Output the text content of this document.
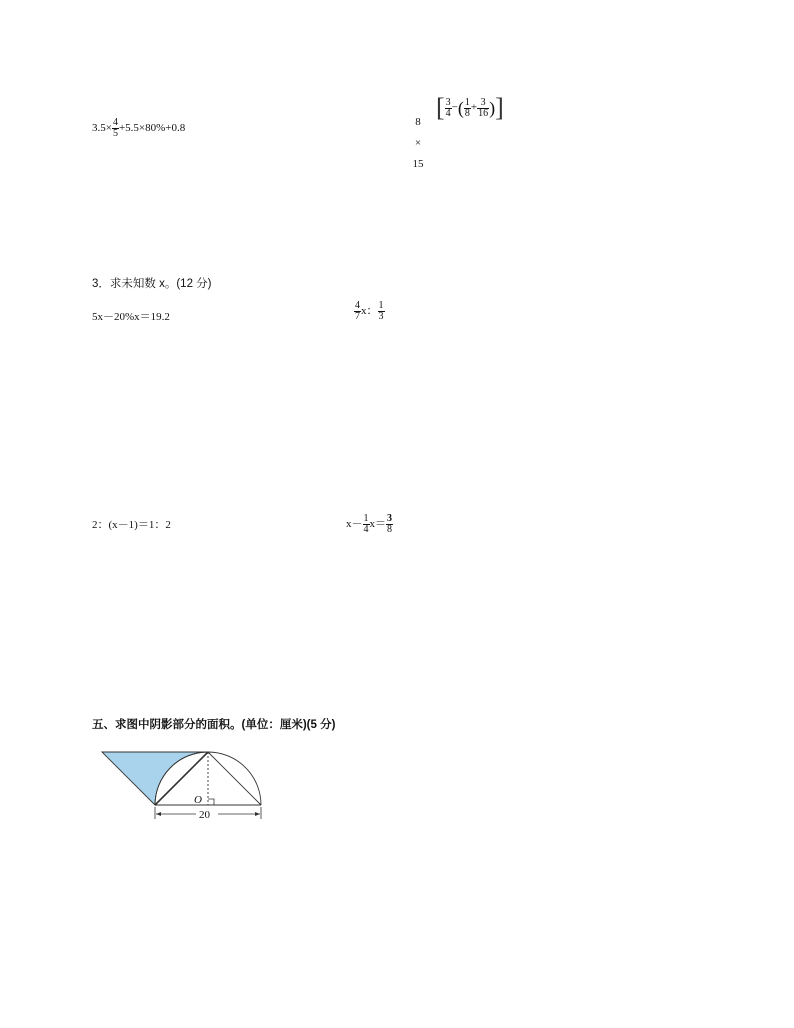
$3.5\times \frac{4}{5} +5.5\times 80\%+0.8$
8
×
15
[ $\frac{3}{4}$ −( $\frac{1}{8} + \frac{3}{16}$ )]
3．求未知数 x。(12 分)
5x－20%x＝19.2	$\frac{4}{7}$ x： $\frac{1}{3}$
2：(x－1)＝1：2	$x- \frac{1}{4} x= \frac{3}{8}$
五、求图中阴影部分的面积。(单位：厘米)(5 分)
O
20
